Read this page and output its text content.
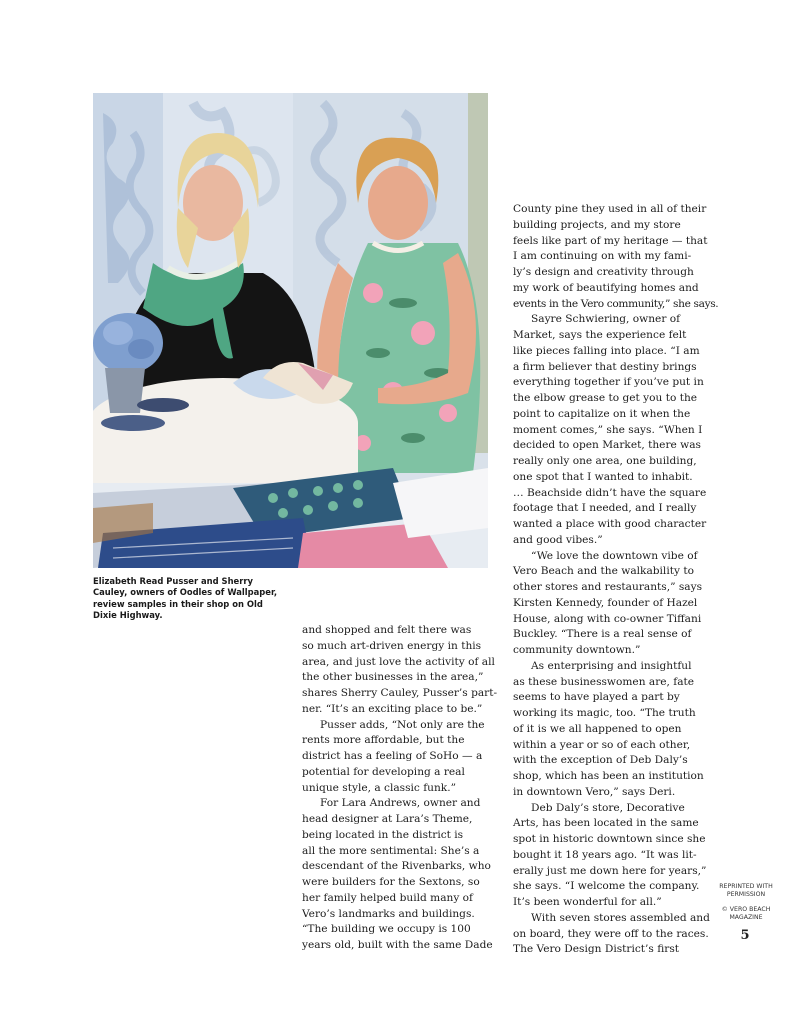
Elizabeth Read Pusser and Sherry
Cauley, owners of Oodles of Wallpaper,
review samples in their shop on Old
Dixie Highway.
and shopped and felt there was
so much art-driven energy in this
area, and just love the activity of all
the other businesses in the area,”
shares Sherry Cauley, Pusser’s part-
ner. “It’s an exciting place to be.”
Pusser adds, “Not only are the
rents more affordable, but the
district has a feeling of SoHo — a
potential for developing a real
unique style, a classic funk.”
For Lara Andrews, owner and
head designer at Lara’s Theme,
being located in the district is
all the more sentimental: She’s a
descendant of the Rivenbarks, who
were builders for the Sextons, so
her family helped build many of
Vero’s landmarks and buildings.
“The building we occupy is 100
years old, built with the same Dade
County pine they used in all of their
building projects, and my store
feels like part of my heritage — that
I am continuing on with my fami-
ly’s design and creativity through
my work of beautifying homes and
events in the Vero community,” she says.
Sayre Schwiering, owner of
Market, says the experience felt
like pieces falling into place. “I am
a firm believer that destiny brings
everything together if you’ve put in
the elbow grease to get you to the
point to capitalize on it when the
moment comes,” she says. “When I
decided to open Market, there was
really only one area, one building,
one spot that I wanted to inhabit.
… Beachside didn’t have the square
footage that I needed, and I really
wanted a place with good character
and good vibes.”
“We love the downtown vibe of
Vero Beach and the walkability to
other stores and restaurants,” says
Kirsten Kennedy, founder of Hazel
House, along with co-owner Tiffani
Buckley. “There is a real sense of
community downtown.”
As enterprising and insightful
as these businesswomen are, fate
seems to have played a part by
working its magic, too. “The truth
of it is we all happened to open
within a year or so of each other,
with the exception of Deb Daly’s
shop, which has been an institution
in downtown Vero,” says Deri.
Deb Daly’s store, Decorative
Arts, has been located in the same
spot in historic downtown since she
bought it 18 years ago. “It was lit-
erally just me down here for years,”
she says. “I welcome the company.
It’s been wonderful for all.”
With seven stores assembled and
on board, they were off to the races.
The Vero Design District’s first
REPRINTED WITH
PERMISSION
© VERO BEACH
MAGAZINE
5
